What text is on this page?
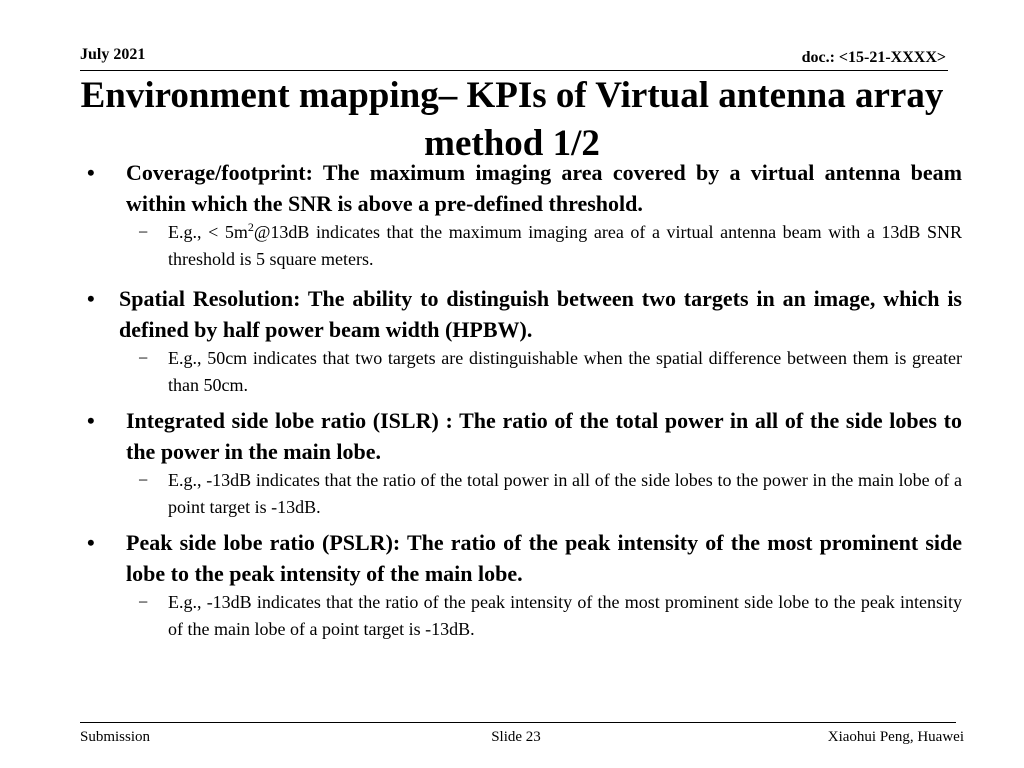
July 2021	doc.: <15-21-XXXX>
Environment mapping– KPIs of Virtual antenna array method 1/2
• Coverage/footprint: The maximum imaging area covered by a virtual antenna beam within which the SNR is above a pre-defined threshold.
− E.g., < $5m^2@13dB$ indicates that the maximum imaging area of a virtual antenna beam with a 13dB SNR threshold is 5 square meters.
• Spatial Resolution: The ability to distinguish between two targets in an image, which is defined by half power beam width (HPBW).
− E.g., 50cm indicates that two targets are distinguishable when the spatial difference between them is greater than 50cm.
• Integrated side lobe ratio (ISLR) : The ratio of the total power in all of the side lobes to the power in the main lobe.
− E.g., -13dB indicates that the ratio of the total power in all of the side lobes to the power in the main lobe of a point target is -13dB.
• Peak side lobe ratio (PSLR): The ratio of the peak intensity of the most prominent side lobe to the peak intensity of the main lobe.
− E.g., -13dB indicates that the ratio of the peak intensity of the most prominent side lobe to the peak intensity of the main lobe of a point target is -13dB.
Submission	Slide 23	Xiaohui Peng, Huawei
